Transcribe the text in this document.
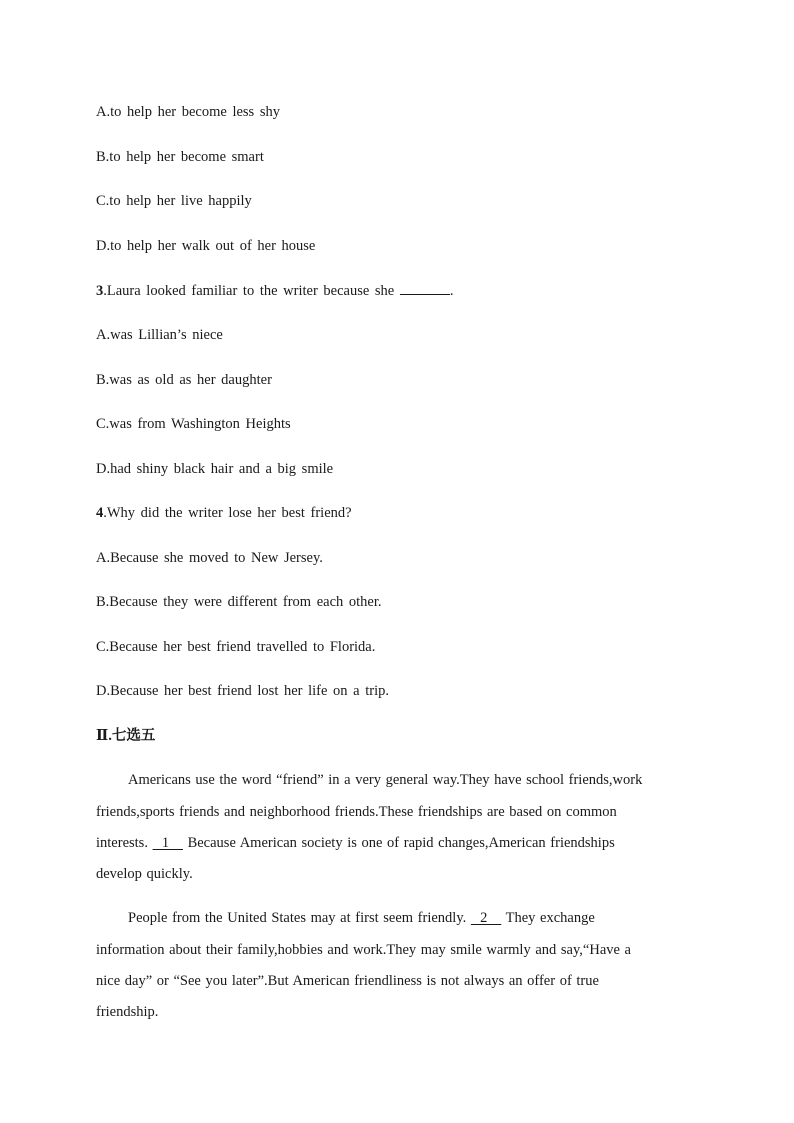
A.to help her become less shy
B.to help her become smart
C.to help her live happily
D.to help her walk out of her house
3.Laura looked familiar to the writer because she	.
A.was Lillian’s niece
B.was as old as her daughter
C.was from Washington Heights
D.had shiny black hair and a big smile
4.Why did the writer lose her best friend?
A.Because she moved to New Jersey.
B.Because they were different from each other.
C.Because her best friend travelled to Florida.
D.Because her best friend lost her life on a trip.
Ⅱ.七选五
Americans use the word “friend” in a very general way.They have school friends,work
friends,sports friends and neighborhood friends.These friendships are based on common
interests.   1    Because American society is one of rapid changes,American friendships
develop quickly.
People from the United States may at first seem friendly.   2    They exchange
information about their family,hobbies and work.They may smile warmly and say,“Have a
nice day” or “See you later”.But American friendliness is not always an offer of true
friendship.
